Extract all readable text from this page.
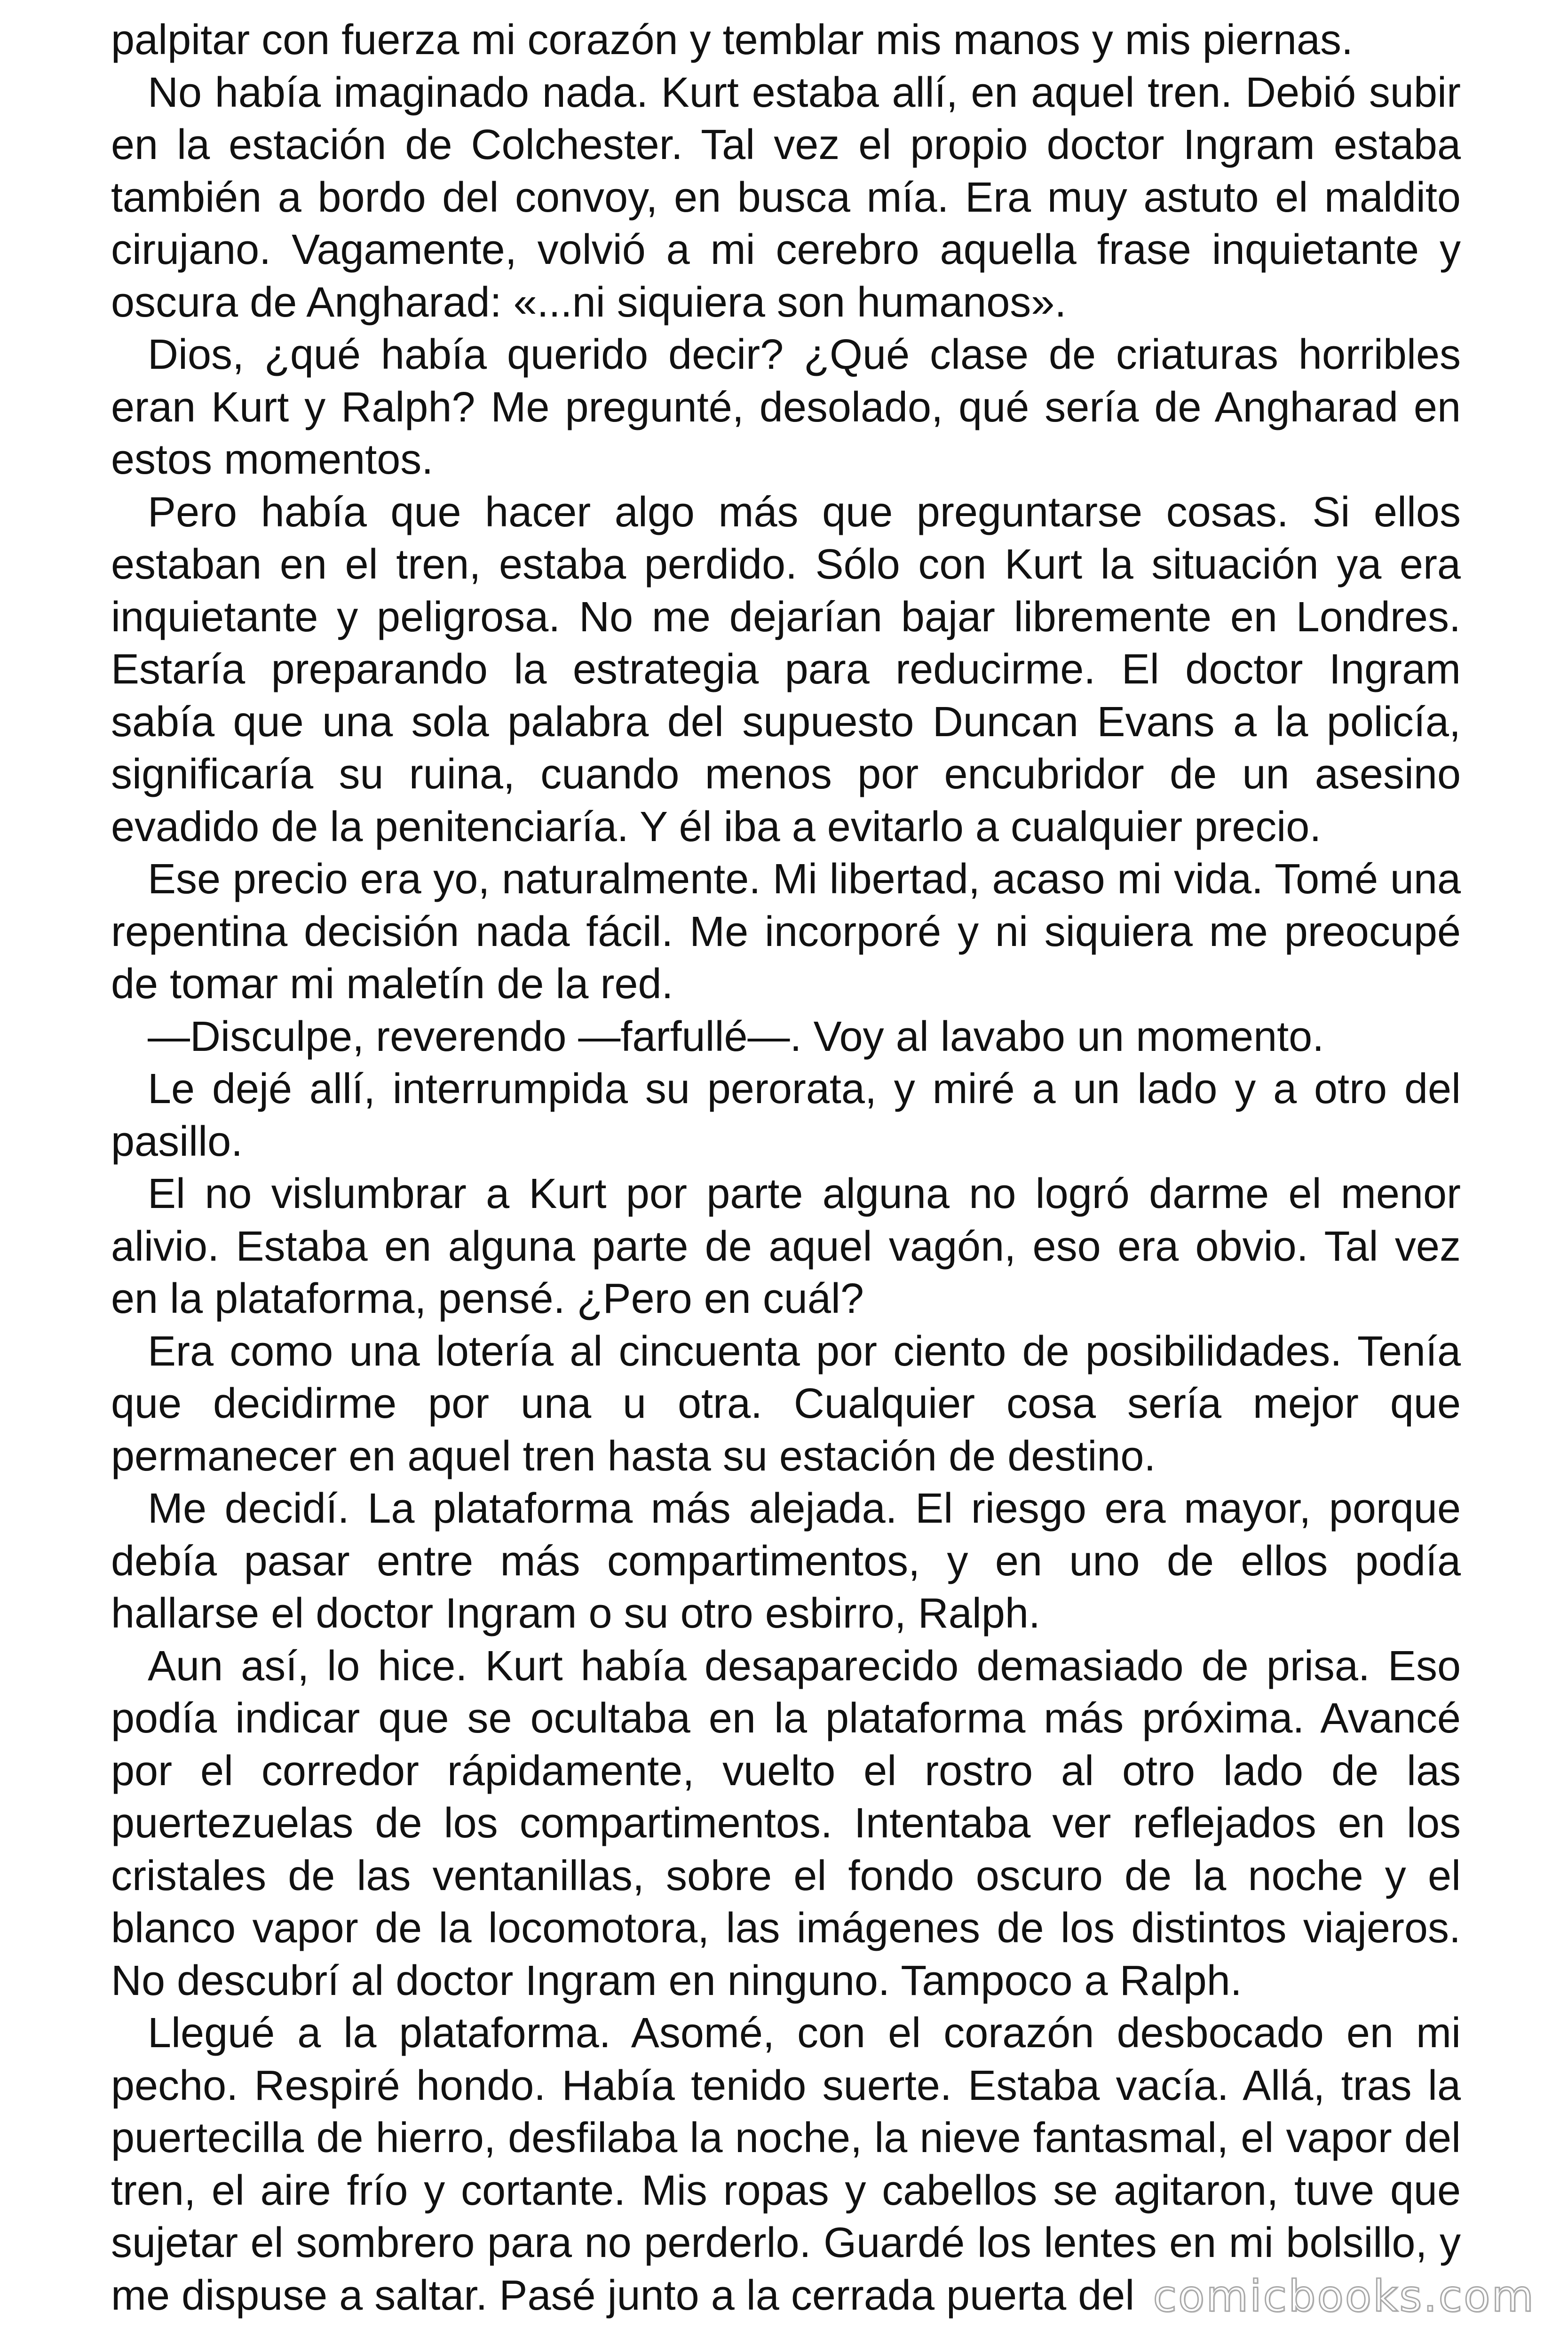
palpitar con fuerza mi corazón y temblar mis manos y mis piernas.

No había imaginado nada. Kurt estaba allí, en aquel tren. Debió subir en la estación de Colchester. Tal vez el propio doctor Ingram estaba también a bordo del convoy, en busca mía. Era muy astuto el maldito cirujano. Vagamente, volvió a mi cerebro aquella frase inquietante y oscura de Angharad: «...ni siquiera son humanos».

Dios, ¿qué había querido decir? ¿Qué clase de criaturas horribles eran Kurt y Ralph? Me pregunté, desolado, qué sería de Angharad en estos momentos.

Pero había que hacer algo más que preguntarse cosas. Si ellos estaban en el tren, estaba perdido. Sólo con Kurt la situación ya era inquietante y peligrosa. No me dejarían bajar libremente en Londres. Estaría preparando la estrategia para reducirme. El doctor Ingram sabía que una sola palabra del supuesto Duncan Evans a la policía, significaría su ruina, cuando menos por encubridor de un asesino evadido de la penitenciaría. Y él iba a evitarlo a cualquier precio.

Ese precio era yo, naturalmente. Mi libertad, acaso mi vida. Tomé una repentina decisión nada fácil. Me incorporé y ni siquiera me preocupé de tomar mi maletín de la red.

—Disculpe, reverendo —farfullé—. Voy al lavabo un momento.

Le dejé allí, interrumpida su perorata, y miré a un lado y a otro del pasillo.

El no vislumbrar a Kurt por parte alguna no logró darme el menor alivio. Estaba en alguna parte de aquel vagón, eso era obvio. Tal vez en la plataforma, pensé. ¿Pero en cuál?

Era como una lotería al cincuenta por ciento de posibilidades. Tenía que decidirme por una u otra. Cualquier cosa sería mejor que permanecer en aquel tren hasta su estación de destino.

Me decidí. La plataforma más alejada. El riesgo era mayor, porque debía pasar entre más compartimentos, y en uno de ellos podía hallarse el doctor Ingram o su otro esbirro, Ralph.

Aun así, lo hice. Kurt había desaparecido demasiado de prisa. Eso podía indicar que se ocultaba en la plataforma más próxima. Avancé por el corredor rápidamente, vuelto el rostro al otro lado de las puertezuelas de los compartimentos. Intentaba ver reflejados en los cristales de las ventanillas, sobre el fondo oscuro de la noche y el blanco vapor de la locomotora, las imágenes de los distintos viajeros. No descubrí al doctor Ingram en ninguno. Tampoco a Ralph.

Llegué a la plataforma. Asomé, con el corazón desbocado en mi pecho. Respiré hondo. Había tenido suerte. Estaba vacía. Allá, tras la puertecilla de hierro, desfilaba la noche, la nieve fantasmal, el vapor del tren, el aire frío y cortante. Mis ropas y cabellos se agitaron, tuve que sujetar el sombrero para no perderlo. Guardé los lentes en mi bolsillo, y me dispuse a saltar. Pasé junto a la cerrada puerta del comicbooks.com
